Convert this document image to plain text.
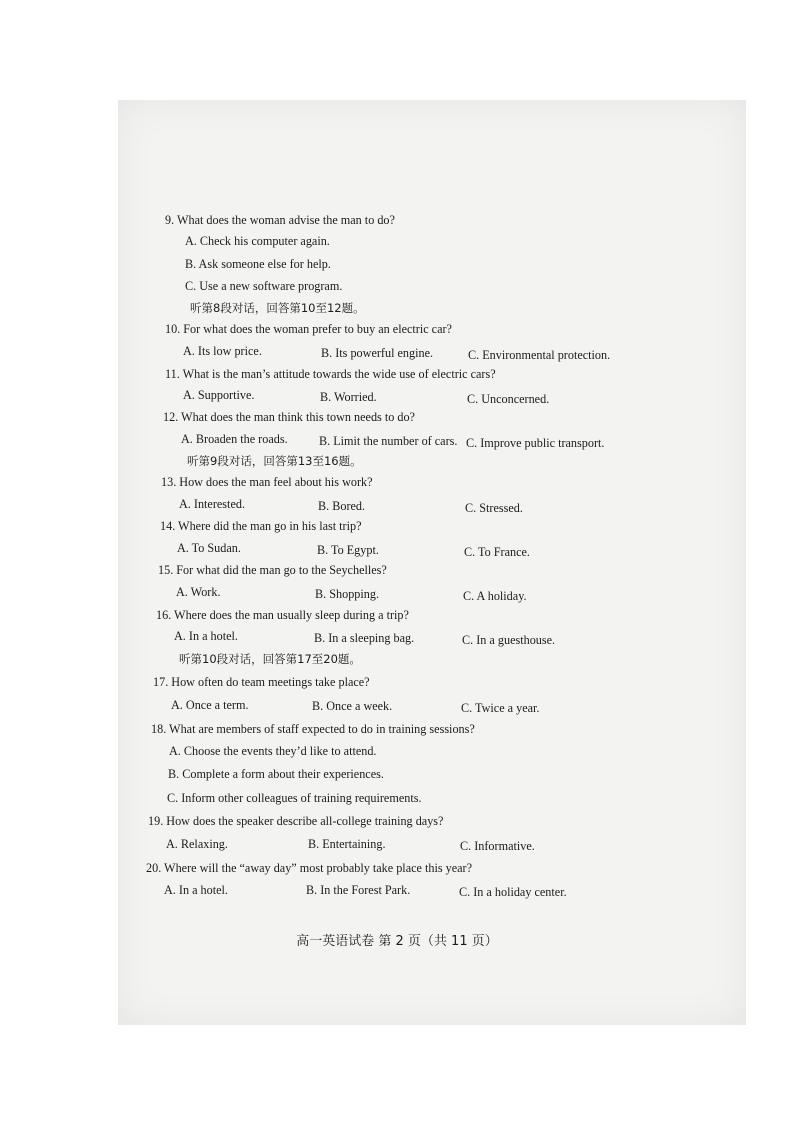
9. What does the woman advise the man to do?
A. Check his computer again.
B. Ask someone else for help.
C. Use a new software program.
听第8段对话，回答第10至12题。
10. For what does the woman prefer to buy an electric car?
A. Its low price.	B. Its powerful engine.	C. Environmental protection.
11. What is the man’s attitude towards the wide use of electric cars?
A. Supportive.	B. Worried.	C. Unconcerned.
12. What does the man think this town needs to do?
A. Broaden the roads.	B. Limit the number of cars. C. Improve public transport.
听第9段对话，回答第13至16题。
13. How does the man feel about his work?
A. Interested.	B. Bored.	C. Stressed.
14. Where did the man go in his last trip?
A. To Sudan.	B. To Egypt.	C. To France.
15. For what did the man go to the Seychelles?
A. Work.	B. Shopping.	C. A holiday.
16. Where does the man usually sleep during a trip?
A. In a hotel.	B. In a sleeping bag.	C. In a guesthouse.
听第10段对话，回答第17至20题。
17. How often do team meetings take place?
A. Once a term.	B. Once a week.	C. Twice a year.
18. What are members of staff expected to do in training sessions?
A. Choose the events they’d like to attend.
B. Complete a form about their experiences.
C. Inform other colleagues of training requirements.
19. How does the speaker describe all-college training days?
A. Relaxing.	B. Entertaining.	C. Informative.
20. Where will the “away day” most probably take place this year?
A. In a hotel.	B. In the Forest Park.	C. In a holiday center.
高一英语试卷 第 2 页（共 11 页）
